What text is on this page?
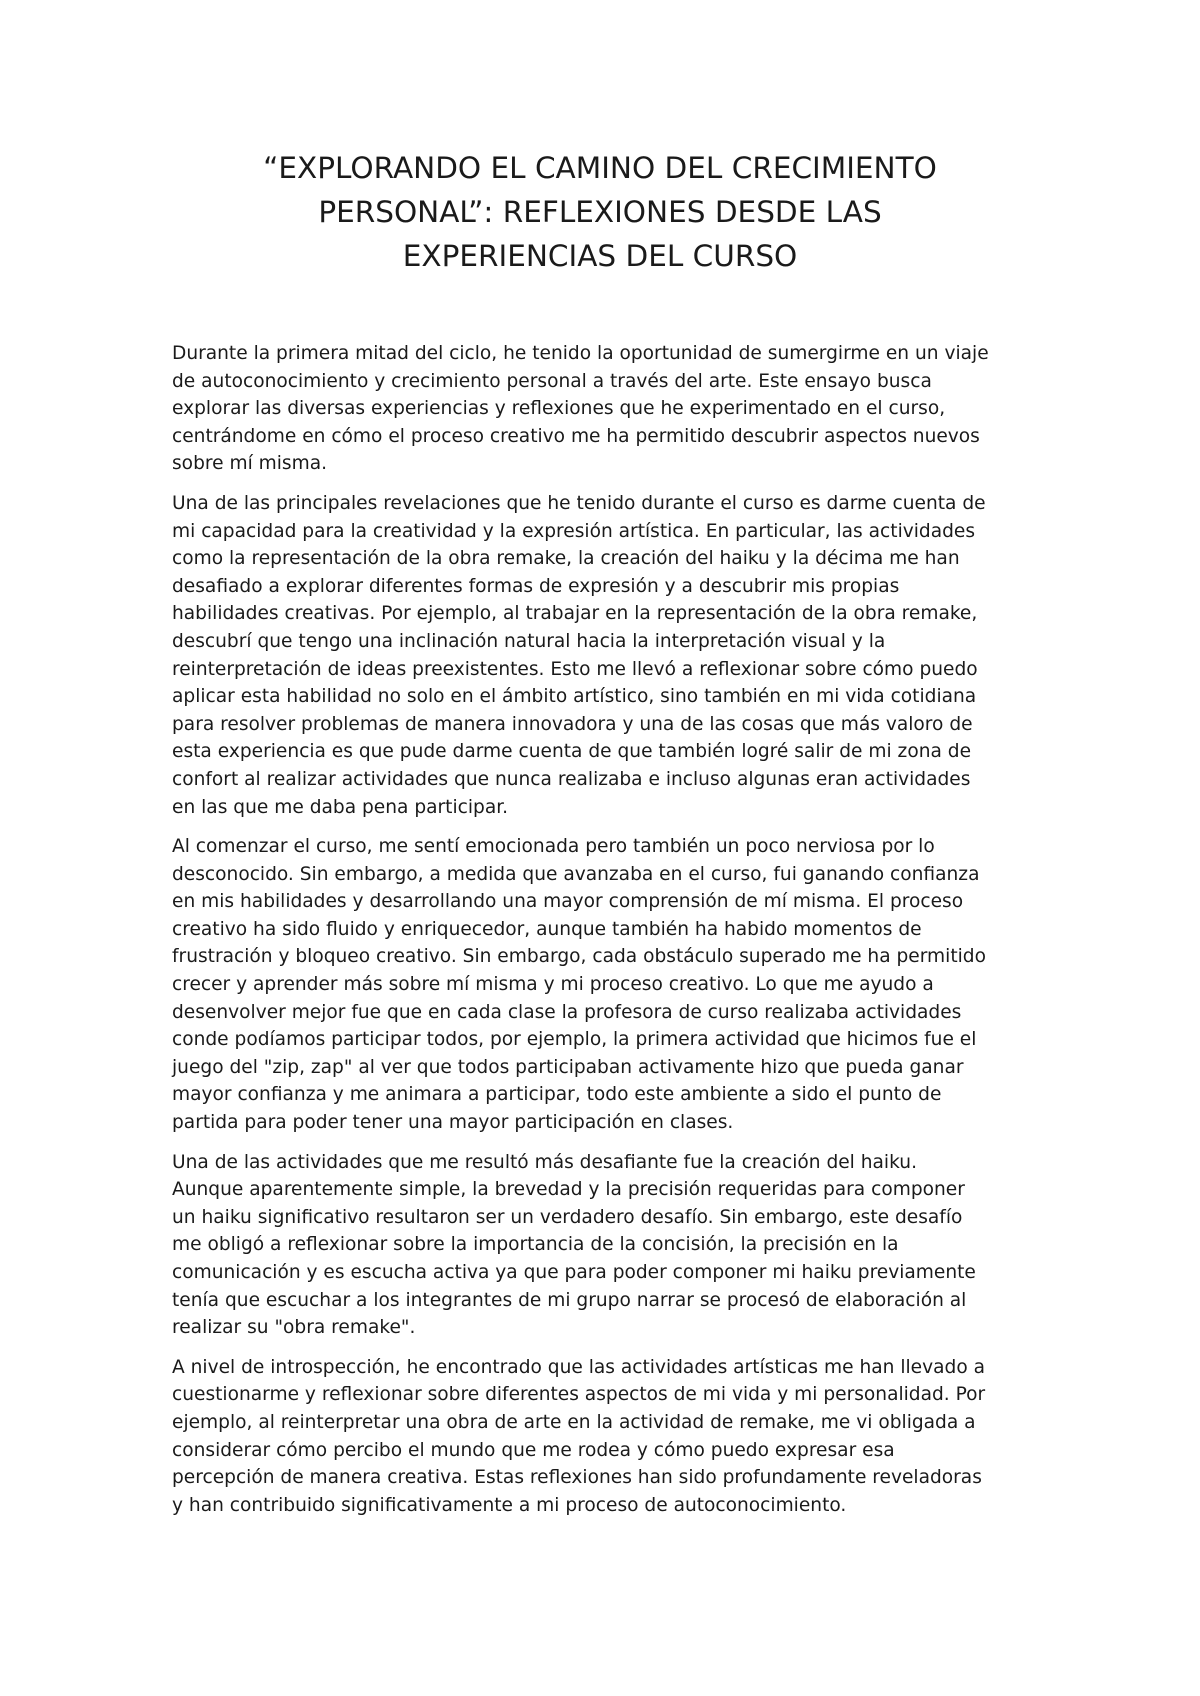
“EXPLORANDO EL CAMINO DEL CRECIMIENTO
PERSONAL”: REFLEXIONES DESDE LAS
EXPERIENCIAS DEL CURSO

Durante la primera mitad del ciclo, he tenido la oportunidad de sumergirme en un viaje
de autoconocimiento y crecimiento personal a través del arte. Este ensayo busca
explorar las diversas experiencias y reflexiones que he experimentado en el curso,
centrándome en cómo el proceso creativo me ha permitido descubrir aspectos nuevos
sobre mí misma.

Una de las principales revelaciones que he tenido durante el curso es darme cuenta de
mi capacidad para la creatividad y la expresión artística. En particular, las actividades
como la representación de la obra remake, la creación del haiku y la décima me han
desafiado a explorar diferentes formas de expresión y a descubrir mis propias
habilidades creativas. Por ejemplo, al trabajar en la representación de la obra remake,
descubrí que tengo una inclinación natural hacia la interpretación visual y la
reinterpretación de ideas preexistentes. Esto me llevó a reflexionar sobre cómo puedo
aplicar esta habilidad no solo en el ámbito artístico, sino también en mi vida cotidiana
para resolver problemas de manera innovadora y una de las cosas que más valoro de
esta experiencia es que pude darme cuenta de que también logré salir de mi zona de
confort al realizar actividades que nunca realizaba e incluso algunas eran actividades
en las que me daba pena participar.

Al comenzar el curso, me sentí emocionada pero también un poco nerviosa por lo
desconocido. Sin embargo, a medida que avanzaba en el curso, fui ganando confianza
en mis habilidades y desarrollando una mayor comprensión de mí misma. El proceso
creativo ha sido fluido y enriquecedor, aunque también ha habido momentos de
frustración y bloqueo creativo. Sin embargo, cada obstáculo superado me ha permitido
crecer y aprender más sobre mí misma y mi proceso creativo. Lo que me ayudo a
desenvolver mejor fue que en cada clase la profesora de curso realizaba actividades
conde podíamos participar todos, por ejemplo, la primera actividad que hicimos fue el
juego del "zip, zap" al ver que todos participaban activamente hizo que pueda ganar
mayor confianza y me animara a participar, todo este ambiente a sido el punto de
partida para poder tener una mayor participación en clases.

Una de las actividades que me resultó más desafiante fue la creación del haiku.
Aunque aparentemente simple, la brevedad y la precisión requeridas para componer
un haiku significativo resultaron ser un verdadero desafío. Sin embargo, este desafío
me obligó a reflexionar sobre la importancia de la concisión, la precisión en la
comunicación y es escucha activa ya que para poder componer mi haiku previamente
tenía que escuchar a los integrantes de mi grupo narrar se procesó de elaboración al
realizar su "obra remake".

A nivel de introspección, he encontrado que las actividades artísticas me han llevado a
cuestionarme y reflexionar sobre diferentes aspectos de mi vida y mi personalidad. Por
ejemplo, al reinterpretar una obra de arte en la actividad de remake, me vi obligada a
considerar cómo percibo el mundo que me rodea y cómo puedo expresar esa
percepción de manera creativa. Estas reflexiones han sido profundamente reveladoras
y han contribuido significativamente a mi proceso de autoconocimiento.
